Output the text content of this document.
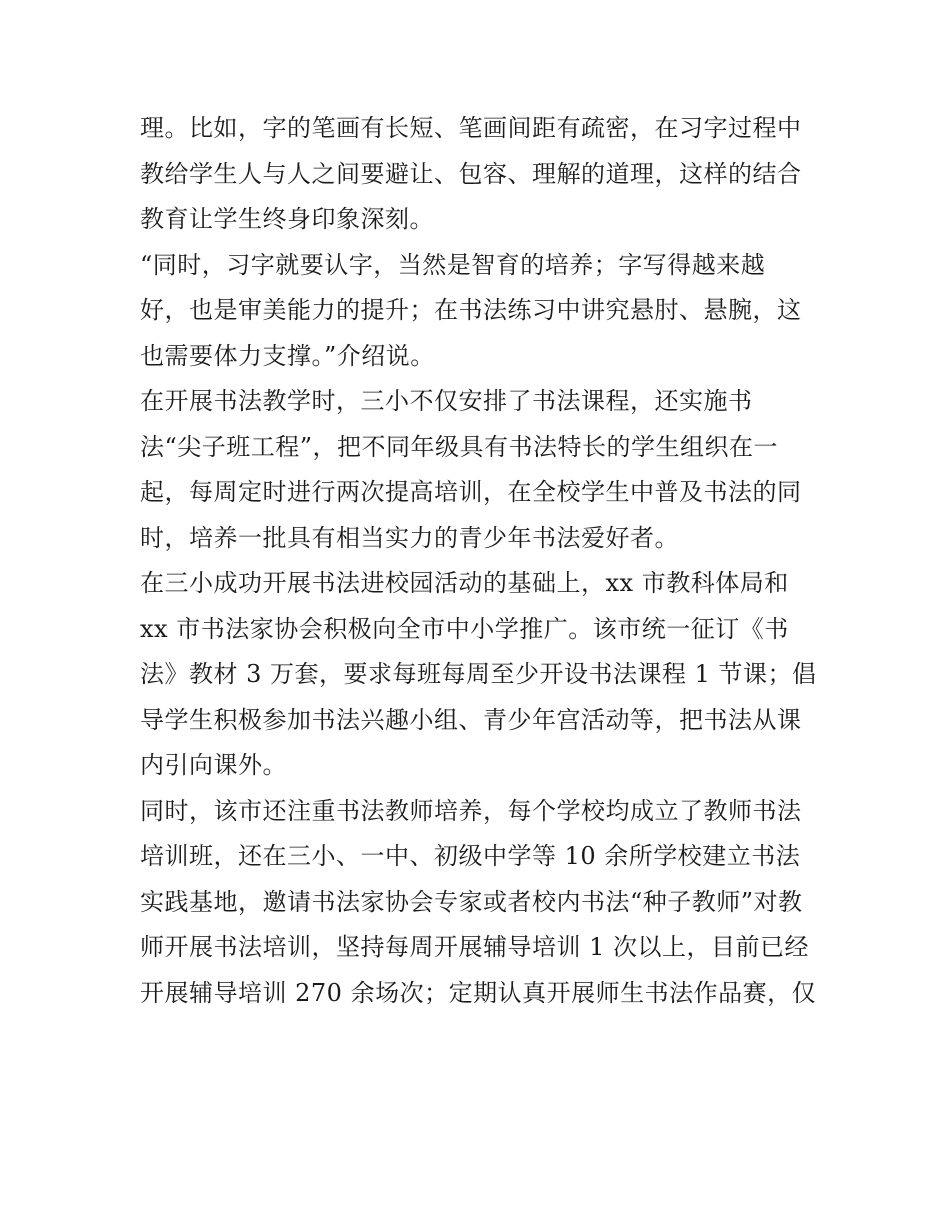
理。比如，字的笔画有长短、笔画间距有疏密，在习字过程中
教给学生人与人之间要避让、包容、理解的道理，这样的结合
教育让学生终身印象深刻。
“同时，习字就要认字，当然是智育的培养；字写得越来越
好，也是审美能力的提升；在书法练习中讲究悬肘、悬腕，这
也需要体力支撑。”介绍说。
在开展书法教学时，三小不仅安排了书法课程，还实施书
法“尖子班工程”，把不同年级具有书法特长的学生组织在一
起，每周定时进行两次提高培训，在全校学生中普及书法的同
时，培养一批具有相当实力的青少年书法爱好者。
在三小成功开展书法进校园活动的基础上，xx 市教科体局和
xx 市书法家协会积极向全市中小学推广。该市统一征订《书
法》教材 3 万套，要求每班每周至少开设书法课程 1 节课；倡
导学生积极参加书法兴趣小组、青少年宫活动等，把书法从课
内引向课外。
同时，该市还注重书法教师培养，每个学校均成立了教师书法
培训班，还在三小、一中、初级中学等 10 余所学校建立书法
实践基地，邀请书法家协会专家或者校内书法“种子教师”对教
师开展书法培训，坚持每周开展辅导培训 1 次以上，目前已经
开展辅导培训 270 余场次；定期认真开展师生书法作品赛，仅
